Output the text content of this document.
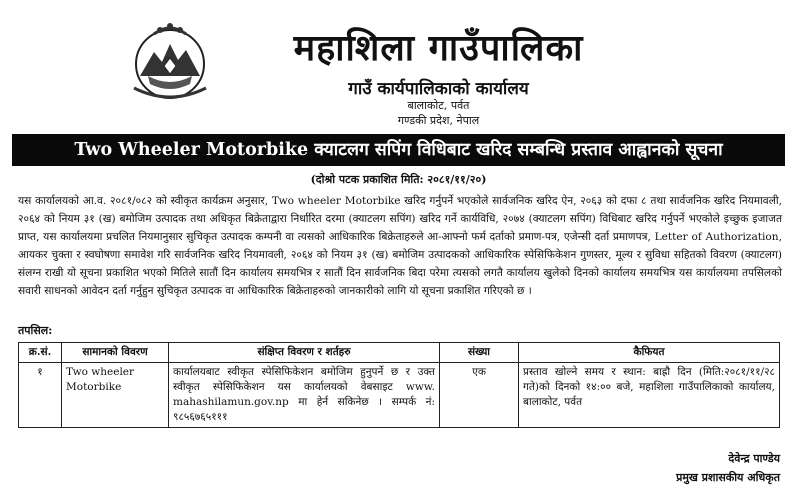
महाशिला गाउँपालिका
गाउँ कार्यपालिकाको कार्यालय
बालाकोट, पर्वत
गण्डकी प्रदेश, नेपाल
Two Wheeler Motorbike क्याटलग सपिंग विधिबाट खरिद सम्बन्धि प्रस्ताव आह्वानको सूचना
(दोश्रो पटक प्रकाशित मिति: २०८१/११/२०)
यस कार्यालयको आ.व. २०८१/०८२ को स्वीकृत कार्यक्रम अनुसार, Two wheeler Motorbike खरिद गर्नुपर्ने भएकोले सार्वजनिक खरिद ऐन, २०६३ को दफा ८ तथा सार्वजनिक खरिद नियमावली, २०६४ को नियम ३१ (ख) बमोजिम उत्पादक तथा अधिकृत बिक्रेताद्वारा निर्धारित दरमा (क्याटलग सपिंग) खरिद गर्ने कार्यविधि, २०७४ (क्याटलग सपिंग) विधिबाट खरिद गर्नुपर्ने भएकोले इच्छुक इजाजत प्राप्त, यस कार्यालयमा प्रचलित नियमानुसार सुचिकृत उत्पादक कम्पनी वा त्यसको आधिकारिक बिक्रेताहरुले आ-आफ्नो फर्म दर्ताको प्रमाण-पत्र, एजेन्सी दर्ता प्रमाणपत्र, Letter of Authorization, आयकर चुक्ता र स्वघोषणा समावेश गरि सार्वजनिक खरिद नियमावली, २०६४ को नियम ३१ (ख) बमोजिम उत्पादकको आधिकारिक स्पेसिफिकेशन गुणस्तर, मूल्य र सुविधा सहितको विवरण (क्याटलग) संलग्न राखी यो सूचना प्रकाशित भएको मितिले सातौं दिन कार्यालय समयभित्र र सातौं दिन सार्वजनिक बिदा परेमा त्यसको लगतै कार्यालय खुलेको दिनको कार्यालय समयभित्र यस कार्यालयमा तपसिलको सवारी साधनको आवेदन दर्ता गर्नुहुन सुचिकृत उत्पादक वा आधिकारिक बिक्रेताहरुको जानकारीको लागि यो सूचना प्रकाशित गरिएको छ ।
तपसिल:
क्र.सं.	सामानको विवरण	संक्षिप्त विवरण र शर्तहरु	संख्या	कैफियत
१	Two wheeler Motorbike	कार्यालयबाट स्वीकृत स्पेसिफिकेशन बमोजिम हुनुपर्ने छ र उक्त स्वीकृत स्पेसिफिकेशन यस कार्यालयको वेबसाइट www. mahashilamun.gov.np मा हेर्न सकिनेछ । सम्पर्क नं: ९८५६७६५१११	एक	प्रस्ताव खोल्ने समय र स्थान: बाह्रौ दिन (मिति:२०८१/११/२८ गते)को दिनको १४:०० बजे, महाशिला गाउँपालिकाको कार्यालय, बालाकोट, पर्वत
देवेन्द्र पाण्डेय
प्रमुख प्रशासकीय अधिकृत
